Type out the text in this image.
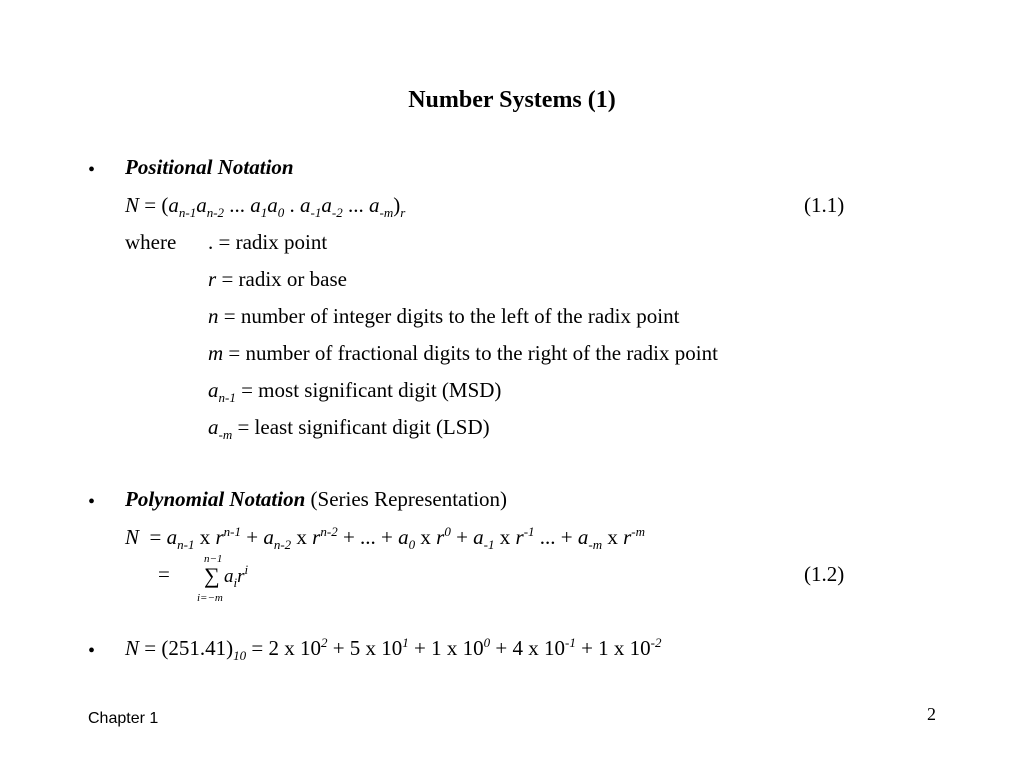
Number Systems (1)
• Positional Notation
$N = (a_{n-1}a_{n-2}$ ... $a_1a_0$ . $a_{-1}a_{-2}$ ... $a_{-m})_r$	(1.1)
where . = radix point
r = radix or base
n = number of integer digits to the left of the radix point
m = number of fractional digits to the right of the radix point
$a_{n-1}$ = most significant digit (MSD)
$a_{-m}$ = least significant digit (LSD)
• Polynomial Notation (Series Representation)
$N = a_{n-1}$ x $r^{n-1} + a_{n-2}$ x $r^{n-2}$ + ... + $a_0$ x $r^0 + a_{-1}$ x $r^{-1}$ ... + $a_{-m}$ x $r^{-m}$
=
n−1
∑ $a_ir^i$
i=−m
(1.2)
• $N = (251.41)_{10} = 2$ x $10^2 + 5$ x $10^1 + 1$ x $10^0 + 4$ x $10^{-1} + 1$ x $10^{-2}$
Chapter 1	2
